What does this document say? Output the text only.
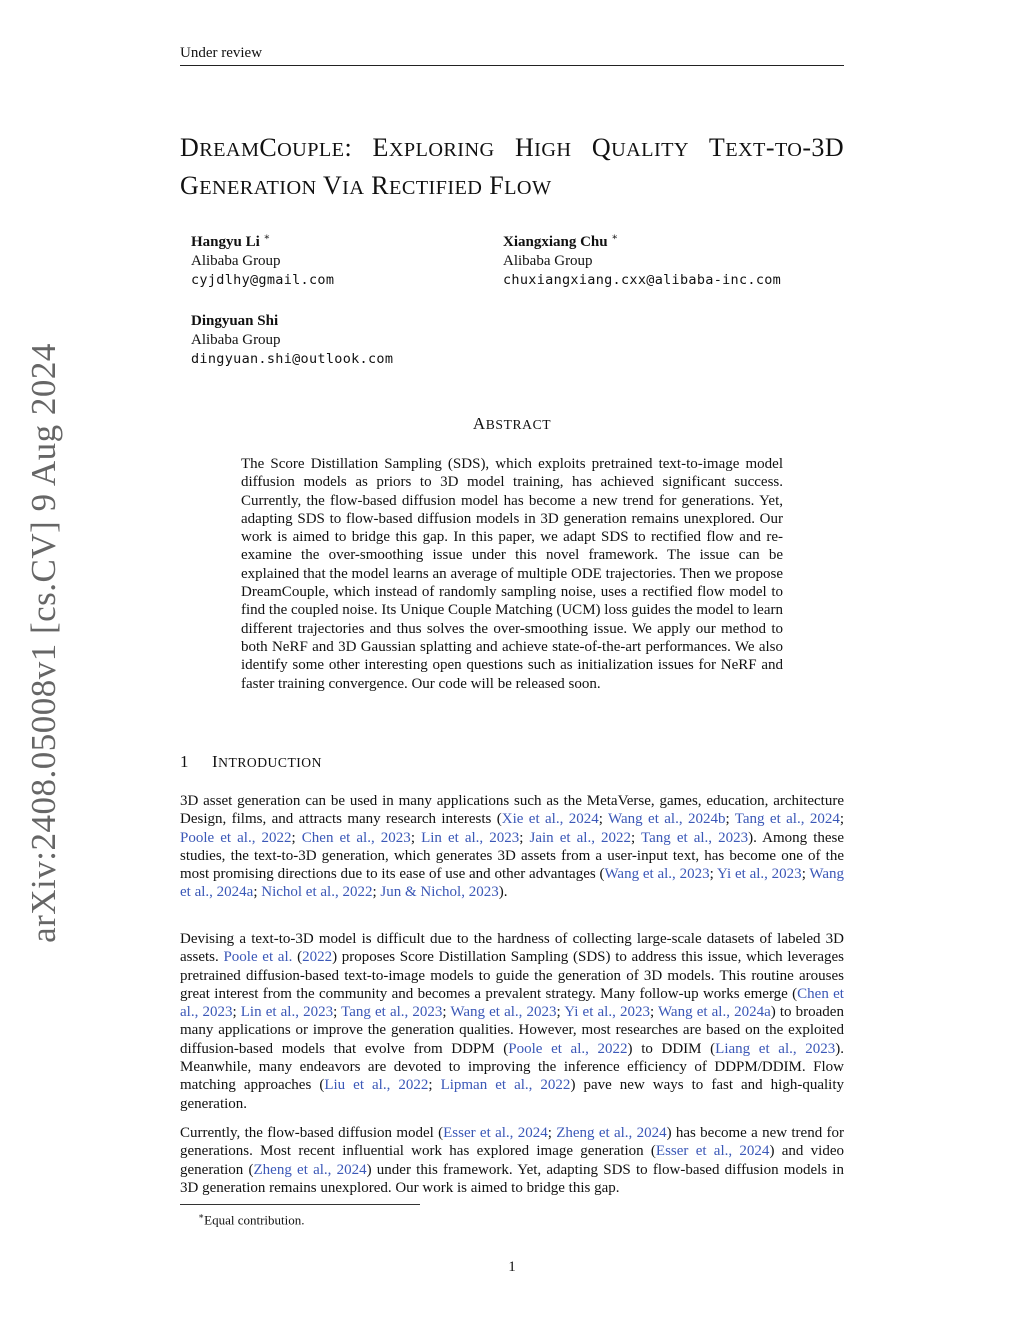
Under review
DREAMCOUPLE: EXPLORING HIGH QUALITY TEXT-TO-3D GENERATION VIA RECTIFIED FLOW
Hangyu Li ∗
Alibaba Group
cyjdlhy@gmail.com
Xiangxiang Chu ∗
Alibaba Group
chuxiangxiang.cxx@alibaba-inc.com
Dingyuan Shi
Alibaba Group
dingyuan.shi@outlook.com
arXiv:2408.05008v1 [cs.CV] 9 Aug 2024	ABSTRACT
The Score Distillation Sampling (SDS), which exploits pretrained text-to-image model diffusion models as priors to 3D model training, has achieved significant success. Currently, the flow-based diffusion model has become a new trend for generations. Yet, adapting SDS to flow-based diffusion models in 3D generation remains unexplored. Our work is aimed to bridge this gap. In this paper, we adapt SDS to rectified flow and re-examine the over-smoothing issue under this novel framework. The issue can be explained that the model learns an average of multiple ODE trajectories. Then we propose DreamCouple, which instead of randomly sampling noise, uses a rectified flow model to find the coupled noise. Its Unique Couple Matching (UCM) loss guides the model to learn different trajectories and thus solves the over-smoothing issue. We apply our method to both NeRF and 3D Gaussian splatting and achieve state-of-the-art performances. We also identify some other interesting open questions such as initialization issues for NeRF and faster training convergence. Our code will be released soon.
1 INTRODUCTION

3D asset generation can be used in many applications such as the MetaVerse, games, education, architecture Design, films, and attracts many research interests (Xie et al., 2024; Wang et al., 2024b; Tang et al., 2024; Poole et al., 2022; Chen et al., 2023; Lin et al., 2023; Jain et al., 2022; Tang et al., 2023). Among these studies, the text-to-3D generation, which generates 3D assets from a user-input text, has become one of the most promising directions due to its ease of use and other advantages (Wang et al., 2023; Yi et al., 2023; Wang et al., 2024a; Nichol et al., 2022; Jun & Nichol, 2023).

Devising a text-to-3D model is difficult due to the hardness of collecting large-scale datasets of labeled 3D assets. Poole et al. (2022) proposes Score Distillation Sampling (SDS) to address this issue, which leverages pretrained diffusion-based text-to-image models to guide the generation of 3D models. This routine arouses great interest from the community and becomes a prevalent strategy. Many follow-up works emerge (Chen et al., 2023; Lin et al., 2023; Tang et al., 2023; Wang et al., 2023; Yi et al., 2023; Wang et al., 2024a) to broaden many applications or improve the generation qualities. However, most researches are based on the exploited diffusion-based models that evolve from DDPM (Poole et al., 2022) to DDIM (Liang et al., 2023). Meanwhile, many endeavors are devoted to improving the inference efficiency of DDPM/DDIM. Flow matching approaches (Liu et al., 2022; Lipman et al., 2022) pave new ways to fast and high-quality generation.

Currently, the flow-based diffusion model (Esser et al., 2024; Zheng et al., 2024) has become a new trend for generations. Most recent influential work has explored image generation (Esser et al., 2024) and video generation (Zheng et al., 2024) under this framework. Yet, adapting SDS to flow-based diffusion models in 3D generation remains unexplored. Our work is aimed to bridge this gap.

∗Equal contribution.
1
